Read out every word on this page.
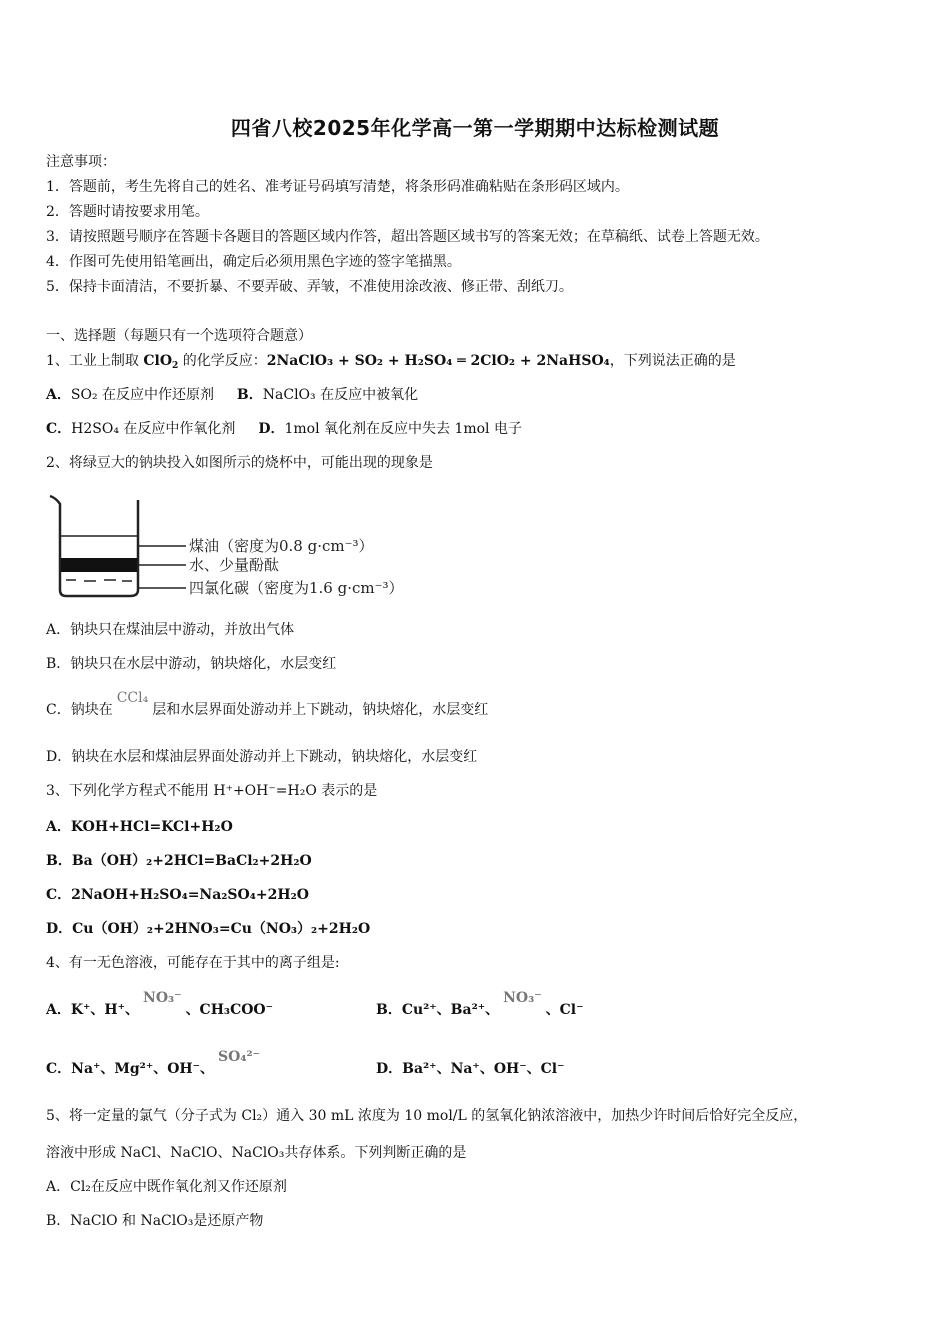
四省八校2025年化学高一第一学期期中达标检测试题
注意事项：
1．答题前，考生先将自己的姓名、准考证号码填写清楚，将条形码准确粘贴在条形码区域内。
2．答题时请按要求用笔。
3．请按照题号顺序在答题卡各题目的答题区域内作答，超出答题区域书写的答案无效；在草稿纸、试卷上答题无效。
4．作图可先使用铅笔画出，确定后必须用黑色字迹的签字笔描黑。
5．保持卡面清洁，不要折暴、不要弄破、弄皱，不准使用涂改液、修正带、刮纸刀。
一、选择题（每题只有一个选项符合题意）
1、工业上制取 ClO$_2$ 的化学反应：2NaClO₃ + SO₂ + H₂SO₄ ═ 2ClO₂ + 2NaHSO₄，下列说法正确的是
A．SO₂ 在反应中作还原剂 B．NaClO₃ 在反应中被氧化
C．H2SO₄ 在反应中作氧化剂 D．1mol 氧化剂在反应中失去 1mol 电子
2、将绿豆大的钠块投入如图所示的烧杯中，可能出现的现象是
煤油（密度为0.8 g·cm⁻³）
水、少量酚酞
四氯化碳（密度为1.6 g·cm⁻³）
A．钠块只在煤油层中游动，并放出气体
B．钠块只在水层中游动，钠块熔化，水层变红
C．钠块在CCl₄层和水层界面处游动并上下跳动，钠块熔化，水层变红
D．钠块在水层和煤油层界面处游动并上下跳动，钠块熔化，水层变红
3、下列化学方程式不能用 H⁺+OH⁻=H₂O 表示的是
A．KOH+HCl=KCl+H₂O
B．Ba（OH）₂+2HCl=BaCl₂+2H₂O
C．2NaOH+H₂SO₄=Na₂SO₄+2H₂O
D．Cu（OH）₂+2HNO₃=Cu（NO₃）₂+2H₂O
4、有一无色溶液，可能存在于其中的离子组是:
A．K⁺、H⁺、NO₃⁻、CH₃COO⁻	B．Cu²⁺、Ba²⁺、NO₃⁻、Cl⁻
C．Na⁺、Mg²⁺、OH⁻、SO₄²⁻
D．Ba²⁺、Na⁺、OH⁻、Cl⁻
5、将一定量的氯气（分子式为 Cl₂）通入 30 mL 浓度为 10 mol/L 的氢氧化钠浓溶液中，加热少许时间后恰好完全反应，
溶液中形成 NaCl、NaClO、NaClO₃共存体系。下列判断正确的是
A．Cl₂在反应中既作氧化剂又作还原剂
B．NaClO 和 NaClO₃是还原产物
